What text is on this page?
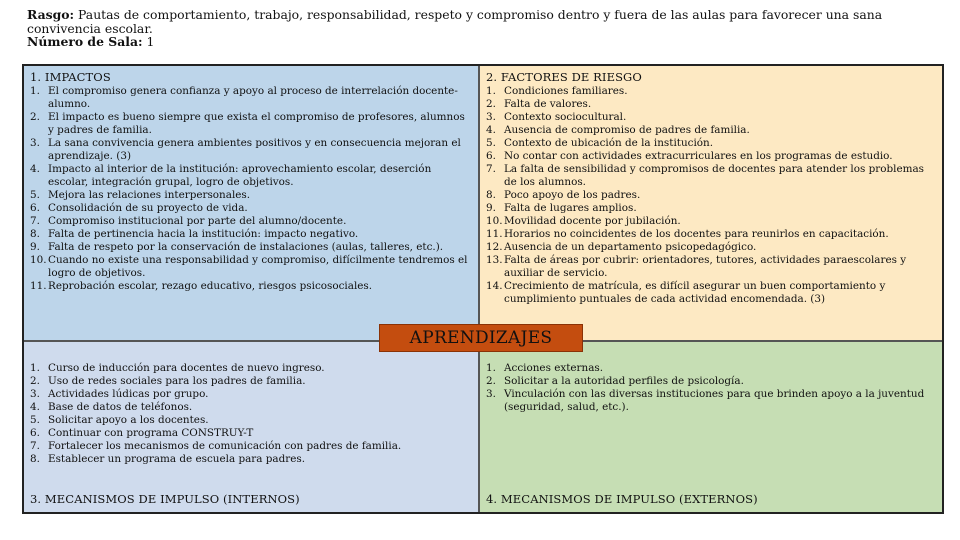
Rasgo: Pautas de comportamiento, trabajo, responsabilidad, respeto y compromiso dentro y fuera de las aulas para favorecer una sana convivencia escolar.
Número de Sala: 1
1. IMPACTOS
1. El compromiso genera confianza y apoyo al proceso de interrelación docente- alumno.
2. El impacto es bueno siempre que exista el compromiso de profesores, alumnos y padres de familia.
3. La sana convivencia genera ambientes positivos y en consecuencia mejoran el aprendizaje. (3)
4. Impacto al interior de la institución: aprovechamiento escolar, deserción escolar, integración grupal, logro de objetivos.
5. Mejora las relaciones interpersonales.
6. Consolidación de su proyecto de vida.
7. Compromiso institucional por parte del alumno/docente.
8. Falta de pertinencia hacia la institución: impacto negativo.
9. Falta de respeto por la conservación de instalaciones (aulas, talleres, etc.).
10. Cuando no existe una responsabilidad y compromiso, difícilmente tendremos el logro de objetivos.
11. Reprobación escolar, rezago educativo, riesgos psicosociales.
2. FACTORES DE RIESGO
1. Condiciones familiares.
2. Falta de valores.
3. Contexto sociocultural.
4. Ausencia de compromiso de padres de familia.
5. Contexto de ubicación de la institución.
6. No contar con actividades extracurriculares en los programas de estudio.
7. La falta de sensibilidad y compromisos de docentes para atender los problemas de los alumnos.
8. Poco apoyo de los padres.
9. Falta de lugares amplios.
10. Movilidad docente por jubilación.
11. Horarios no coincidentes de los docentes para reunirlos en capacitación.
12. Ausencia de un departamento psicopedagógico.
13. Falta de áreas por cubrir: orientadores, tutores, actividades paraescolares y auxiliar de servicio.
14. Crecimiento de matrícula, es difícil asegurar un buen comportamiento y cumplimiento puntuales de cada actividad encomendada. (3)
1. Curso de inducción para docentes de nuevo ingreso.
2. Uso de redes sociales para los padres de familia.
3. Actividades lúdicas por grupo.
4. Base de datos de teléfonos.
5. Solicitar apoyo a los docentes.
6. Continuar con programa CONSTRUY-T
7. Fortalecer los mecanismos de comunicación con padres de familia.
8. Establecer un programa de escuela para padres.
3. MECANISMOS DE IMPULSO (INTERNOS)
1. Acciones externas.
2. Solicitar a la autoridad perfiles de psicología.
3. Vinculación con las diversas instituciones para que brinden apoyo a la juventud (seguridad, salud, etc.).
4. MECANISMOS DE IMPULSO (EXTERNOS)
APRENDIZAJES
